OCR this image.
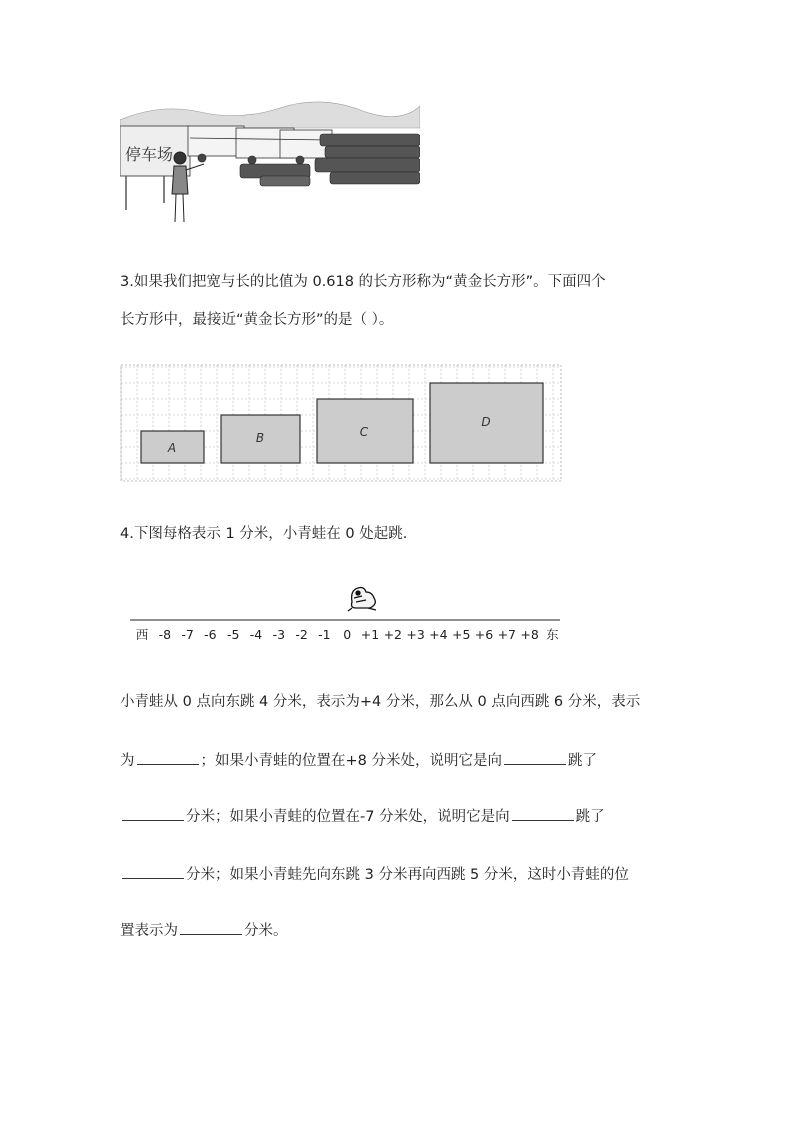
停车场
3.如果我们把宽与长的比值为 0.618 的长方形称为“黄金长方形”。下面四个
长方形中，最接近“黄金长方形”的是（ ）。
A
B	C
D
4.下图每格表示 1 分米，小青蛙在 0 处起跳.
西 -8 -7 -6 -5 -4 -3 -2 -1 0 +1 +2 +3 +4 +5 +6 +7 +8 东
小青蛙从 0 点向东跳 4 分米，表示为+4 分米，那么从 0 点向西跳 6 分米，表示
为	；如果小青蛙的位置在+8 分米处，说明它是向	跳了
分米；如果小青蛙的位置在-7 分米处，说明它是向	跳了
分米；如果小青蛙先向东跳 3 分米再向西跳 5 分米，这时小青蛙的位
置表示为	分米。
